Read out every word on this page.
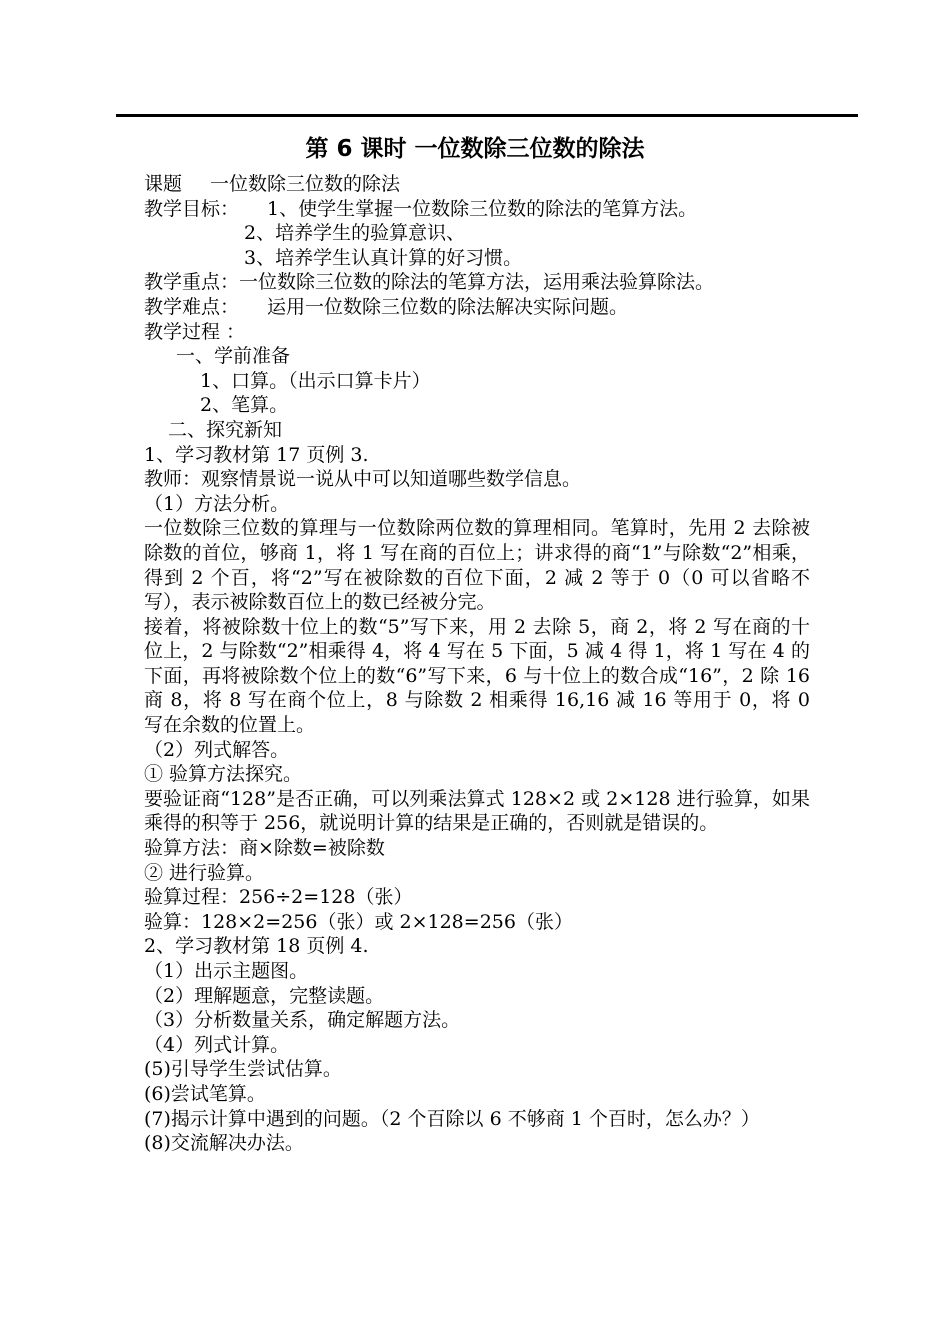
第 6 课时 一位数除三位数的除法
课题 一位数除三位数的除法
教学目标： 1、使学生掌握一位数除三位数的除法的笔算方法。
2、培养学生的验算意识、
3、培养学生认真计算的好习惯。
教学重点：一位数除三位数的除法的笔算方法，运用乘法验算除法。
教学难点： 运用一位数除三位数的除法解决实际问题。
教学过程 ：
一、学前准备
1、口算。（出示口算卡片）
2、笔算。
二、探究新知
1、学习教材第 17 页例 3.
教师：观察情景说一说从中可以知道哪些数学信息。
（1）方法分析。
一位数除三位数的算理与一位数除两位数的算理相同。笔算时，先用 2 去除被除数的首位，够商 1，将 1 写在商的百位上；讲求得的商“1”与除数“2”相乘，得到 2 个百，将“2”写在被除数的百位下面，2 减 2 等于 0（0 可以省略不写），表示被除数百位上的数已经被分完。
接着，将被除数十位上的数“5”写下来，用 2 去除 5，商 2，将 2 写在商的十位上，2 与除数“2”相乘得 4，将 4 写在 5 下面，5 减 4 得 1，将 1 写在 4 的下面，再将被除数个位上的数“6”写下来，6 与十位上的数合成“16”，2 除 16 商 8，将 8 写在商个位上，8 与除数 2 相乘得 16,16 减 16 等用于 0，将 0 写在余数的位置上。
（2）列式解答。
① 验算方法探究。
要验证商“128”是否正确，可以列乘法算式 128×2 或 2×128 进行验算，如果乘得的积等于 256，就说明计算的结果是正确的，否则就是错误的。
验算方法：商×除数=被除数
② 进行验算。
验算过程：256÷2=128（张）
验算：128×2=256（张）或 2×128=256（张）
2、学习教材第 18 页例 4.
（1）出示主题图。
（2）理解题意，完整读题。
（3）分析数量关系，确定解题方法。
（4）列式计算。
(5)引导学生尝试估算。
(6)尝试笔算。
(7)揭示计算中遇到的问题。（2 个百除以 6 不够商 1 个百时，怎么办？）
(8)交流解决办法。
